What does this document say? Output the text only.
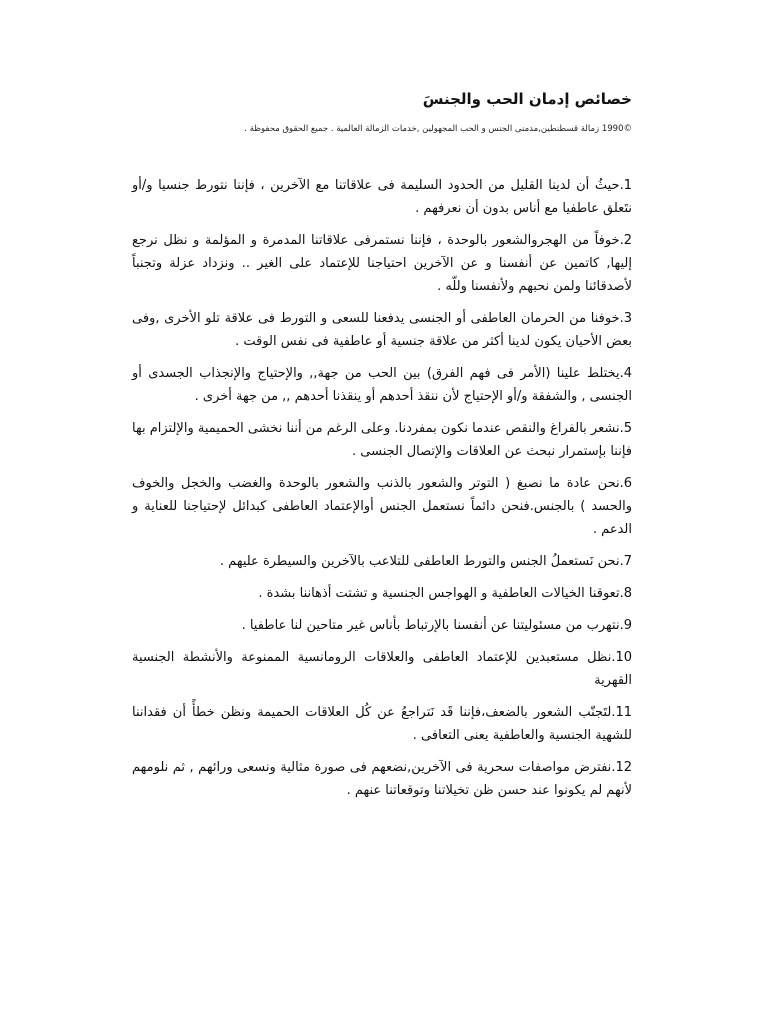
خصائص إدمان الحب والجنسَ
©1990 زمالة قسطنطين,مدمنى الجنس و الحب المجهولين ,خدمات الزمالة العالمية . جميع الحقوق محفوظة .
1.حيثُ أن لدينا القليل من الحدود السليمة فى علاقاتنا مع الآخرين ، فإننا نتورط جنسيا و/أو نتَعلق عاطفيا مع أناس بدون أن نعرفهم .
2.خوفاً من الهجروالشعور بالوحدة ، فإننا نستمرفى علاقاتنا المدمرة و المؤلمة و نظل نرجع إليها, كاتمين عن أنفسنا و عن الآخرين احتياجنا للإعتماد على الغير .. ونزداد عزلة وتجنباً لأصدقائنا ولمن نحبهم ولأنفسنا وللّه .
3.خوفنا من الحرمان العاطفى أو الجنسى يدفعنا للسعى و التورط فى علاقة تلو الأخرى ,وفى بعض الأحيان يكون لدينا أكثر من علاقة جنسية أو عاطفية فى نفس الوقت .
4.يختلط علينا (الأمر فى فهم الفرق) بين الحب من جهة,, والإحتياج والإنجذاب الجسدى أو الجنسى , والشفقة و/أو الإحتياج لأن ننقذ أحدهم أو ينقذنا أحدهم ,, من جهة أخرى .
5.نشعر بالفراغ والنقص عندما نكون بمفردنا. وعلى الرغم من أننا نخشى الحميمية والإلتزام بها فإننا بإستمرار نبحث عن العلاقات والإتصال الجنسى .
6.نحن عادة ما نصبغ ( التوتر والشعور بالذنب والشعور بالوحدة والغضب والخجل والخوف والحسد ) بالجنس.فنحن دائماً نستعمل الجنس أوالإعتماد العاطفى كبدائل لإحتياجنا للعناية و الدعم .
7.نحن نَستعملُ الجنس والتورط العاطفى للتلاعب بالآخرين والسيطرة عليهم .
8.تعوقنا الخيالات العاطفية و الهواجس الجنسية و تشتت أذهاننا بشدة .
9.نتهرب من مسئوليتنا عن أنفسنا بالإرتباط بأناس غير متاحين لنا عاطفيا .
10.نظل مستعبدين للإعتماد العاطفى والعلاقات الرومانسية الممنوعة والأنشطة الجنسية القهرية
11.لتَجنّب الشعور بالضعف،فإننا قَد نَتراجعُ عن كُل العلاقات الحميمة ونظن خطأً أن فقداننا للشهية الجنسية والعاطفية يعنى التعافى .
12.نفترض مواصفات سحرية فى الآخرين,نضعهم فى صورة مثالية ونسعى ورائهم , ثم نلومهم لأنهم لم يكونوا عند حسن ظن تخيلاتنا وتوقعاتنا عنهم .
